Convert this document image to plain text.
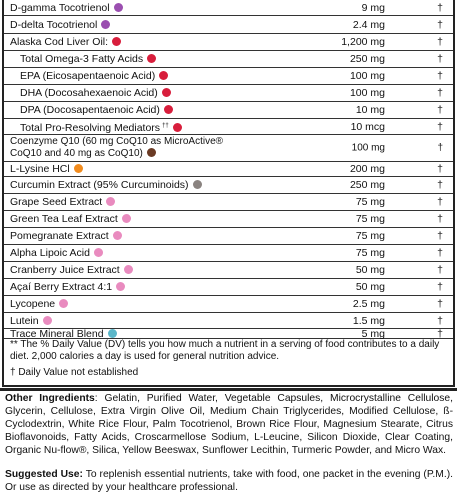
D-gamma Tocotrienol	9 mg	†
D-delta Tocotrienol	2.4 mg	†
Alaska Cod Liver Oil:	1,200 mg	†
Total Omega-3 Fatty Acids	250 mg	†
EPA (Eicosapentaenoic Acid)	100 mg	†
DHA (Docosahexaenoic Acid)	100 mg	†
DPA (Docosapentaenoic Acid)	10 mg	†
Total Pro-Resolving Mediators ††	10 mcg	†
Coenzyme Q10 (60 mg CoQ10 as MicroActive®
CoQ10 and 40 mg as CoQ10)	100 mg	†
L-Lysine HCl	200 mg	†
Curcumin Extract (95% Curcuminoids)	250 mg	†
Grape Seed Extract	75 mg	†
Green Tea Leaf Extract	75 mg	†
Pomegranate Extract	75 mg	†
Alpha Lipoic Acid	75 mg	†
Cranberry Juice Extract	50 mg	†
Açaí Berry Extract 4:1	50 mg	†
Lycopene	2.5 mg	†
Lutein	1.5 mg	†
Trace Mineral Blend	5 mg	†
** The % Daily Value (DV) tells you how much a nutrient in a serving of food contributes to a daily diet. 2,000 calories a day is used for general nutrition advice.
† Daily Value not established
Other Ingredients: Gelatin, Purified Water, Vegetable Capsules, Microcrystalline Cellulose, Glycerin, Cellulose, Extra Virgin Olive Oil, Medium Chain Triglycerides, Modified Cellulose, ß-Cyclodextrin, White Rice Flour, Palm Tocotrienol, Brown Rice Flour, Magnesium Stearate, Citrus Bioflavonoids, Fatty Acids, Croscarmellose Sodium, L-Leucine, Silicon Dioxide, Clear Coating, Organic Nu-flow®, Silica, Yellow Beeswax, Sunflower Lecithin, Turmeric Powder, and Micro Wax.
Suggested Use: To replenish essential nutrients, take with food, one packet in the evening (P.M.). Or use as directed by your healthcare professional.
